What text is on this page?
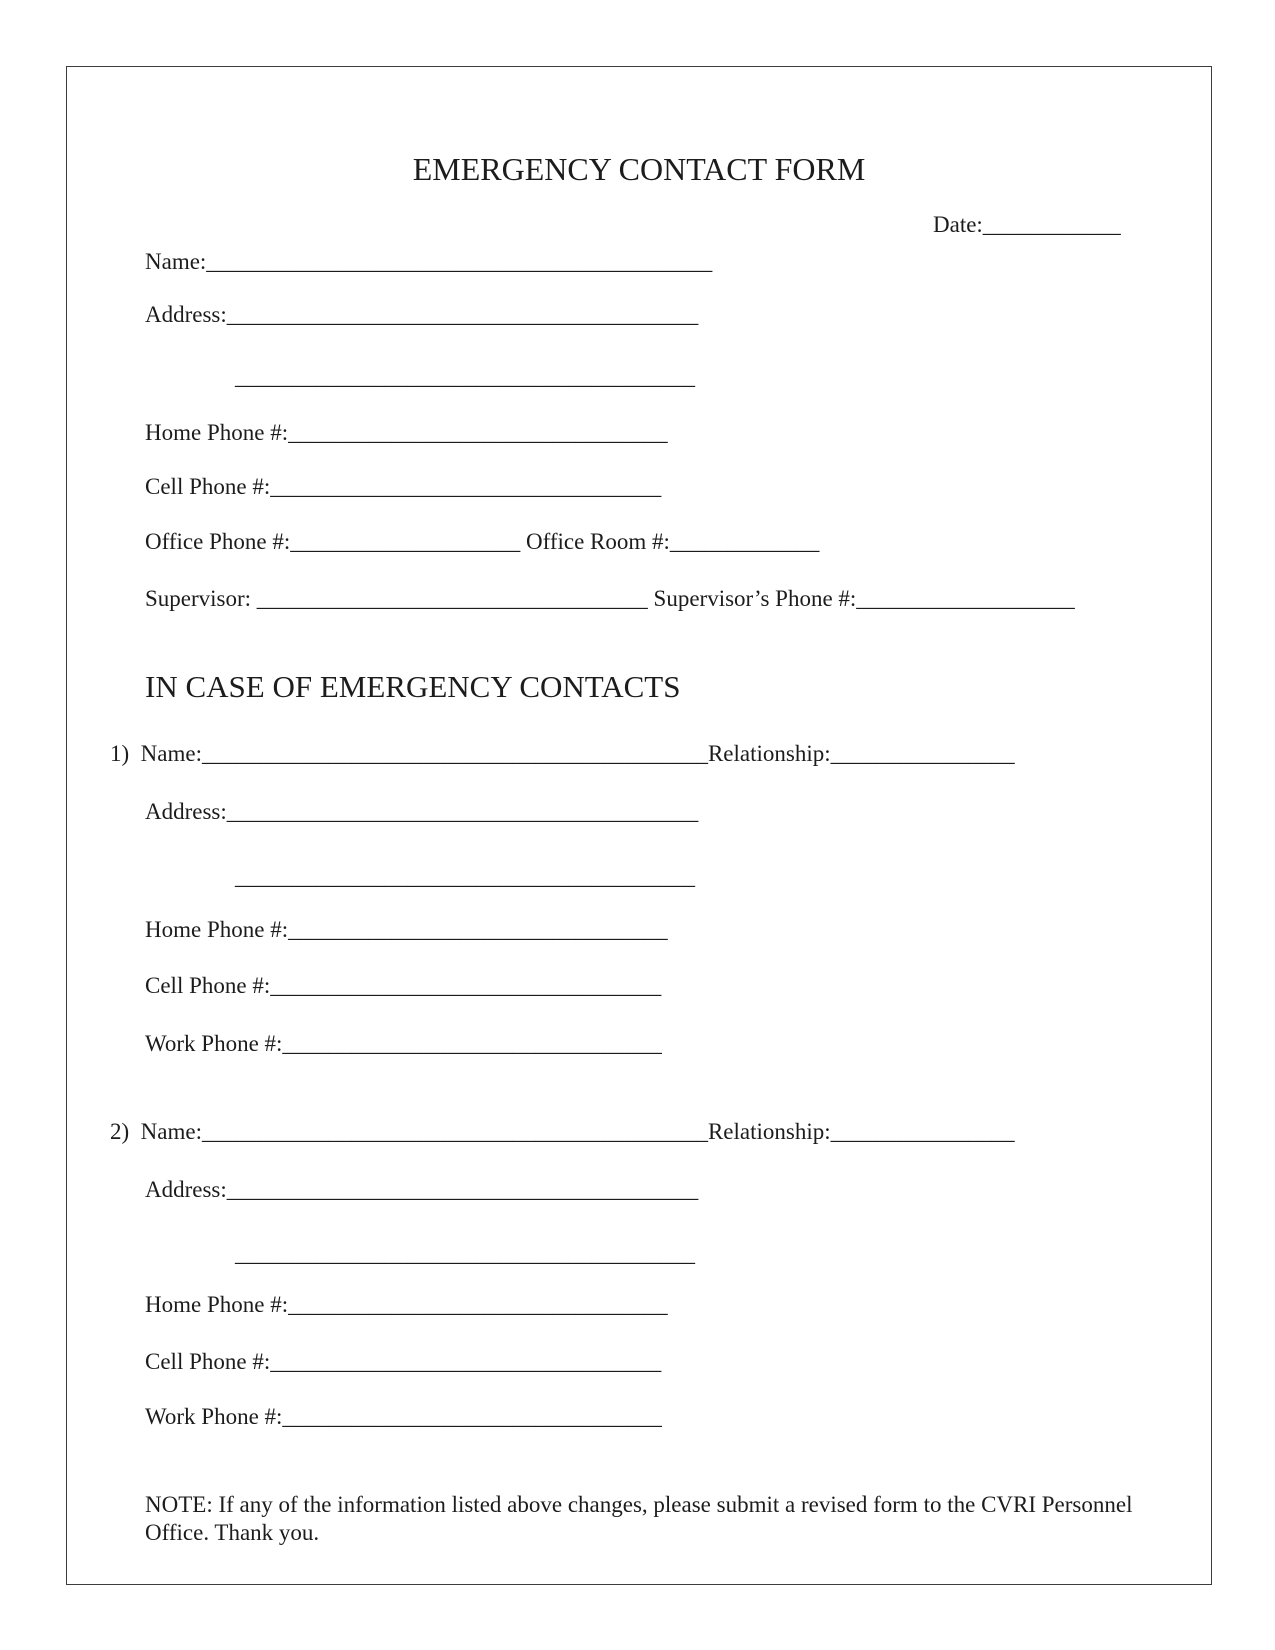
EMERGENCY CONTACT FORM
Date:____________
Name:____________________________________________
Address:_________________________________________
________________________________________
Home Phone #:_________________________________
Cell Phone #:__________________________________
Office Phone #:____________________ Office Room #:_____________
Supervisor: __________________________________ Supervisor’s Phone #:___________________
IN CASE OF EMERGENCY CONTACTS
1)  Name:____________________________________________Relationship:________________
Address:_________________________________________
________________________________________
Home Phone #:_________________________________
Cell Phone #:__________________________________
Work Phone #:_________________________________
2)  Name:____________________________________________Relationship:________________
Address:_________________________________________
________________________________________
Home Phone #:_________________________________
Cell Phone #:__________________________________
Work Phone #:_________________________________
NOTE: If any of the information listed above changes, please submit a revised form to the CVRI Personnel Office. Thank you.
